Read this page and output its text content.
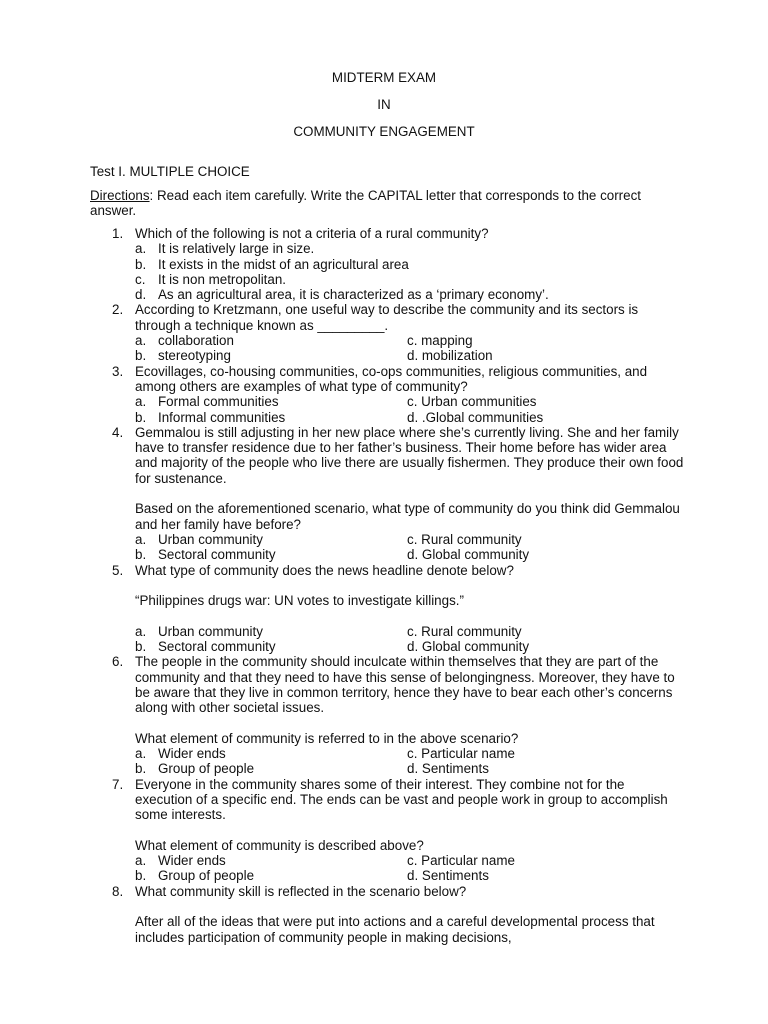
MIDTERM EXAM
IN
COMMUNITY ENGAGEMENT
Test I. MULTIPLE CHOICE
Directions: Read each item carefully. Write the CAPITAL letter that corresponds to the correct answer.
1. Which of the following is not a criteria of a rural community?
a. It is relatively large in size.
b. It exists in the midst of an agricultural area
c. It is non metropolitan.
d. As an agricultural area, it is characterized as a ‘primary economy’.
2. According to Kretzmann, one useful way to describe the community and its sectors is through a technique known as _________.
a. collaboration	c. mapping
b. stereotyping	d. mobilization
3. Ecovillages, co-housing communities, co-ops communities, religious communities, and among others are examples of what type of community?
a. Formal communities	c. Urban communities
b. Informal communities	d. .Global communities
4. Gemmalou is still adjusting in her new place where she’s currently living. She and her family have to transfer residence due to her father’s business. Their home before has wider area and majority of the people who live there are usually fishermen. They produce their own food for sustenance.
Based on the aforementioned scenario, what type of community do you think did Gemmalou and her family have before?
a. Urban community	c. Rural community
b. Sectoral community	d. Global community
5. What type of community does the news headline denote below?
“Philippines drugs war: UN votes to investigate killings.”
a. Urban community	c. Rural community
b. Sectoral community	d. Global community
6. The people in the community should inculcate within themselves that they are part of the community and that they need to have this sense of belongingness. Moreover, they have to be aware that they live in common territory, hence they have to bear each other’s concerns along with other societal issues.
What element of community is referred to in the above scenario?
a. Wider ends	c. Particular name
b. Group of people	d. Sentiments
7. Everyone in the community shares some of their interest. They combine not for the execution of a specific end. The ends can be vast and people work in group to accomplish some interests.
What element of community is described above?
a. Wider ends	c. Particular name
b. Group of people	d. Sentiments
8. What community skill is reflected in the scenario below?
After all of the ideas that were put into actions and a careful developmental process that includes participation of community people in making decisions,
